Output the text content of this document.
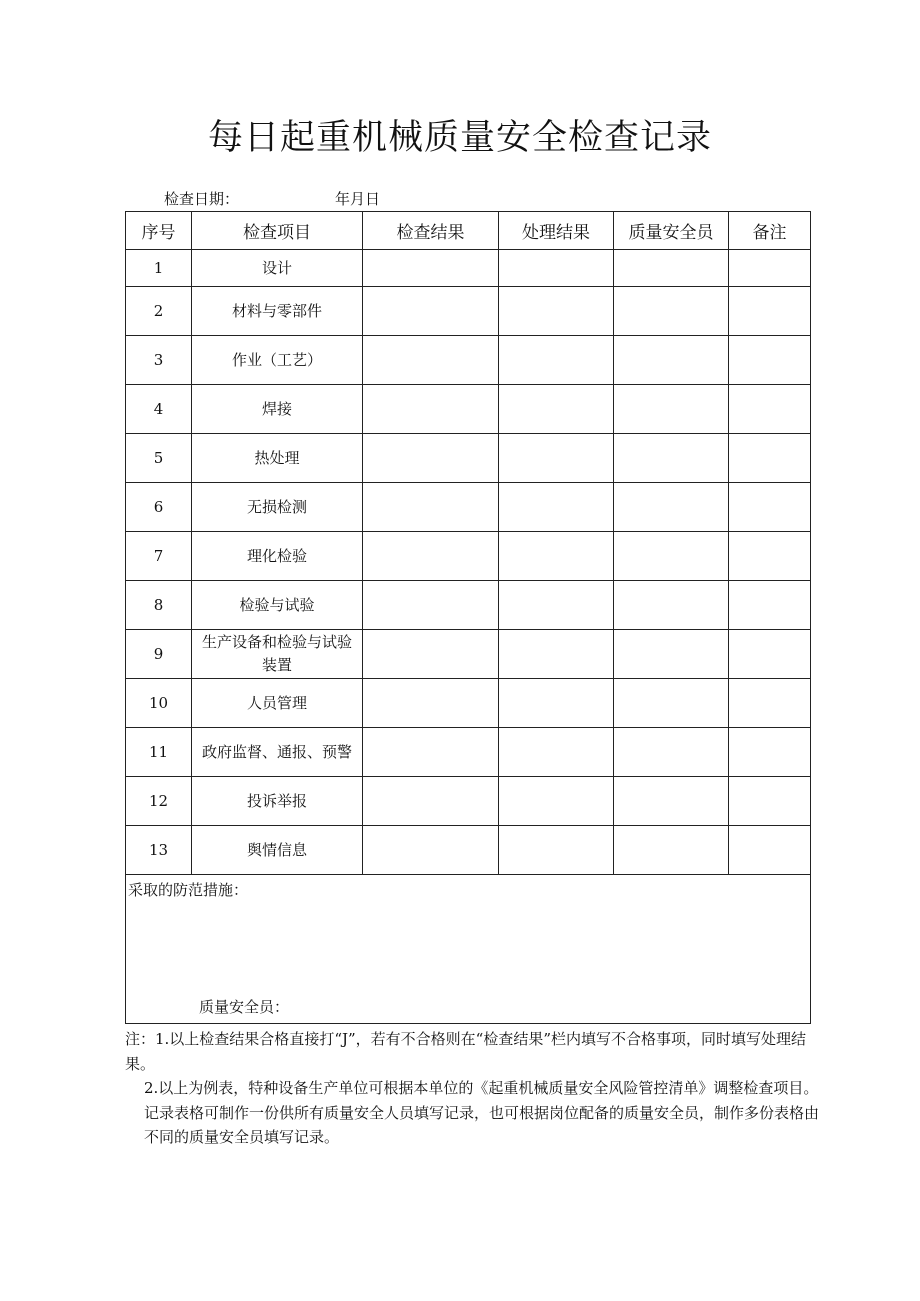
每日起重机械质量安全检查记录
检查日期：	年月日
序号	检查项目	检查结果	处理结果	质量安全员	备注
1	设计				
2	材料与零部件				
3	作业（工艺）				
4	焊接				
5	热处理				
6	无损检测				
7	理化检验				
8	检验与试验				
9	生产设备和检验与试验装置				
10	人员管理				
11	政府监督、通报、预警				
12	投诉举报				
13	舆情信息				

采取的防范措施：
质量安全员：					

注：1.以上检查结果合格直接打“J”，若有不合格则在“检查结果”栏内填写不合格事项，同时填写处理结果。

2.以上为例表，特种设备生产单位可根据本单位的《起重机械质量安全风险管控清单》调整检查项目。记录表格可制作一份供所有质量安全人员填写记录，也可根据岗位配备的质量安全员，制作多份表格由不同的质量安全员填写记录。
